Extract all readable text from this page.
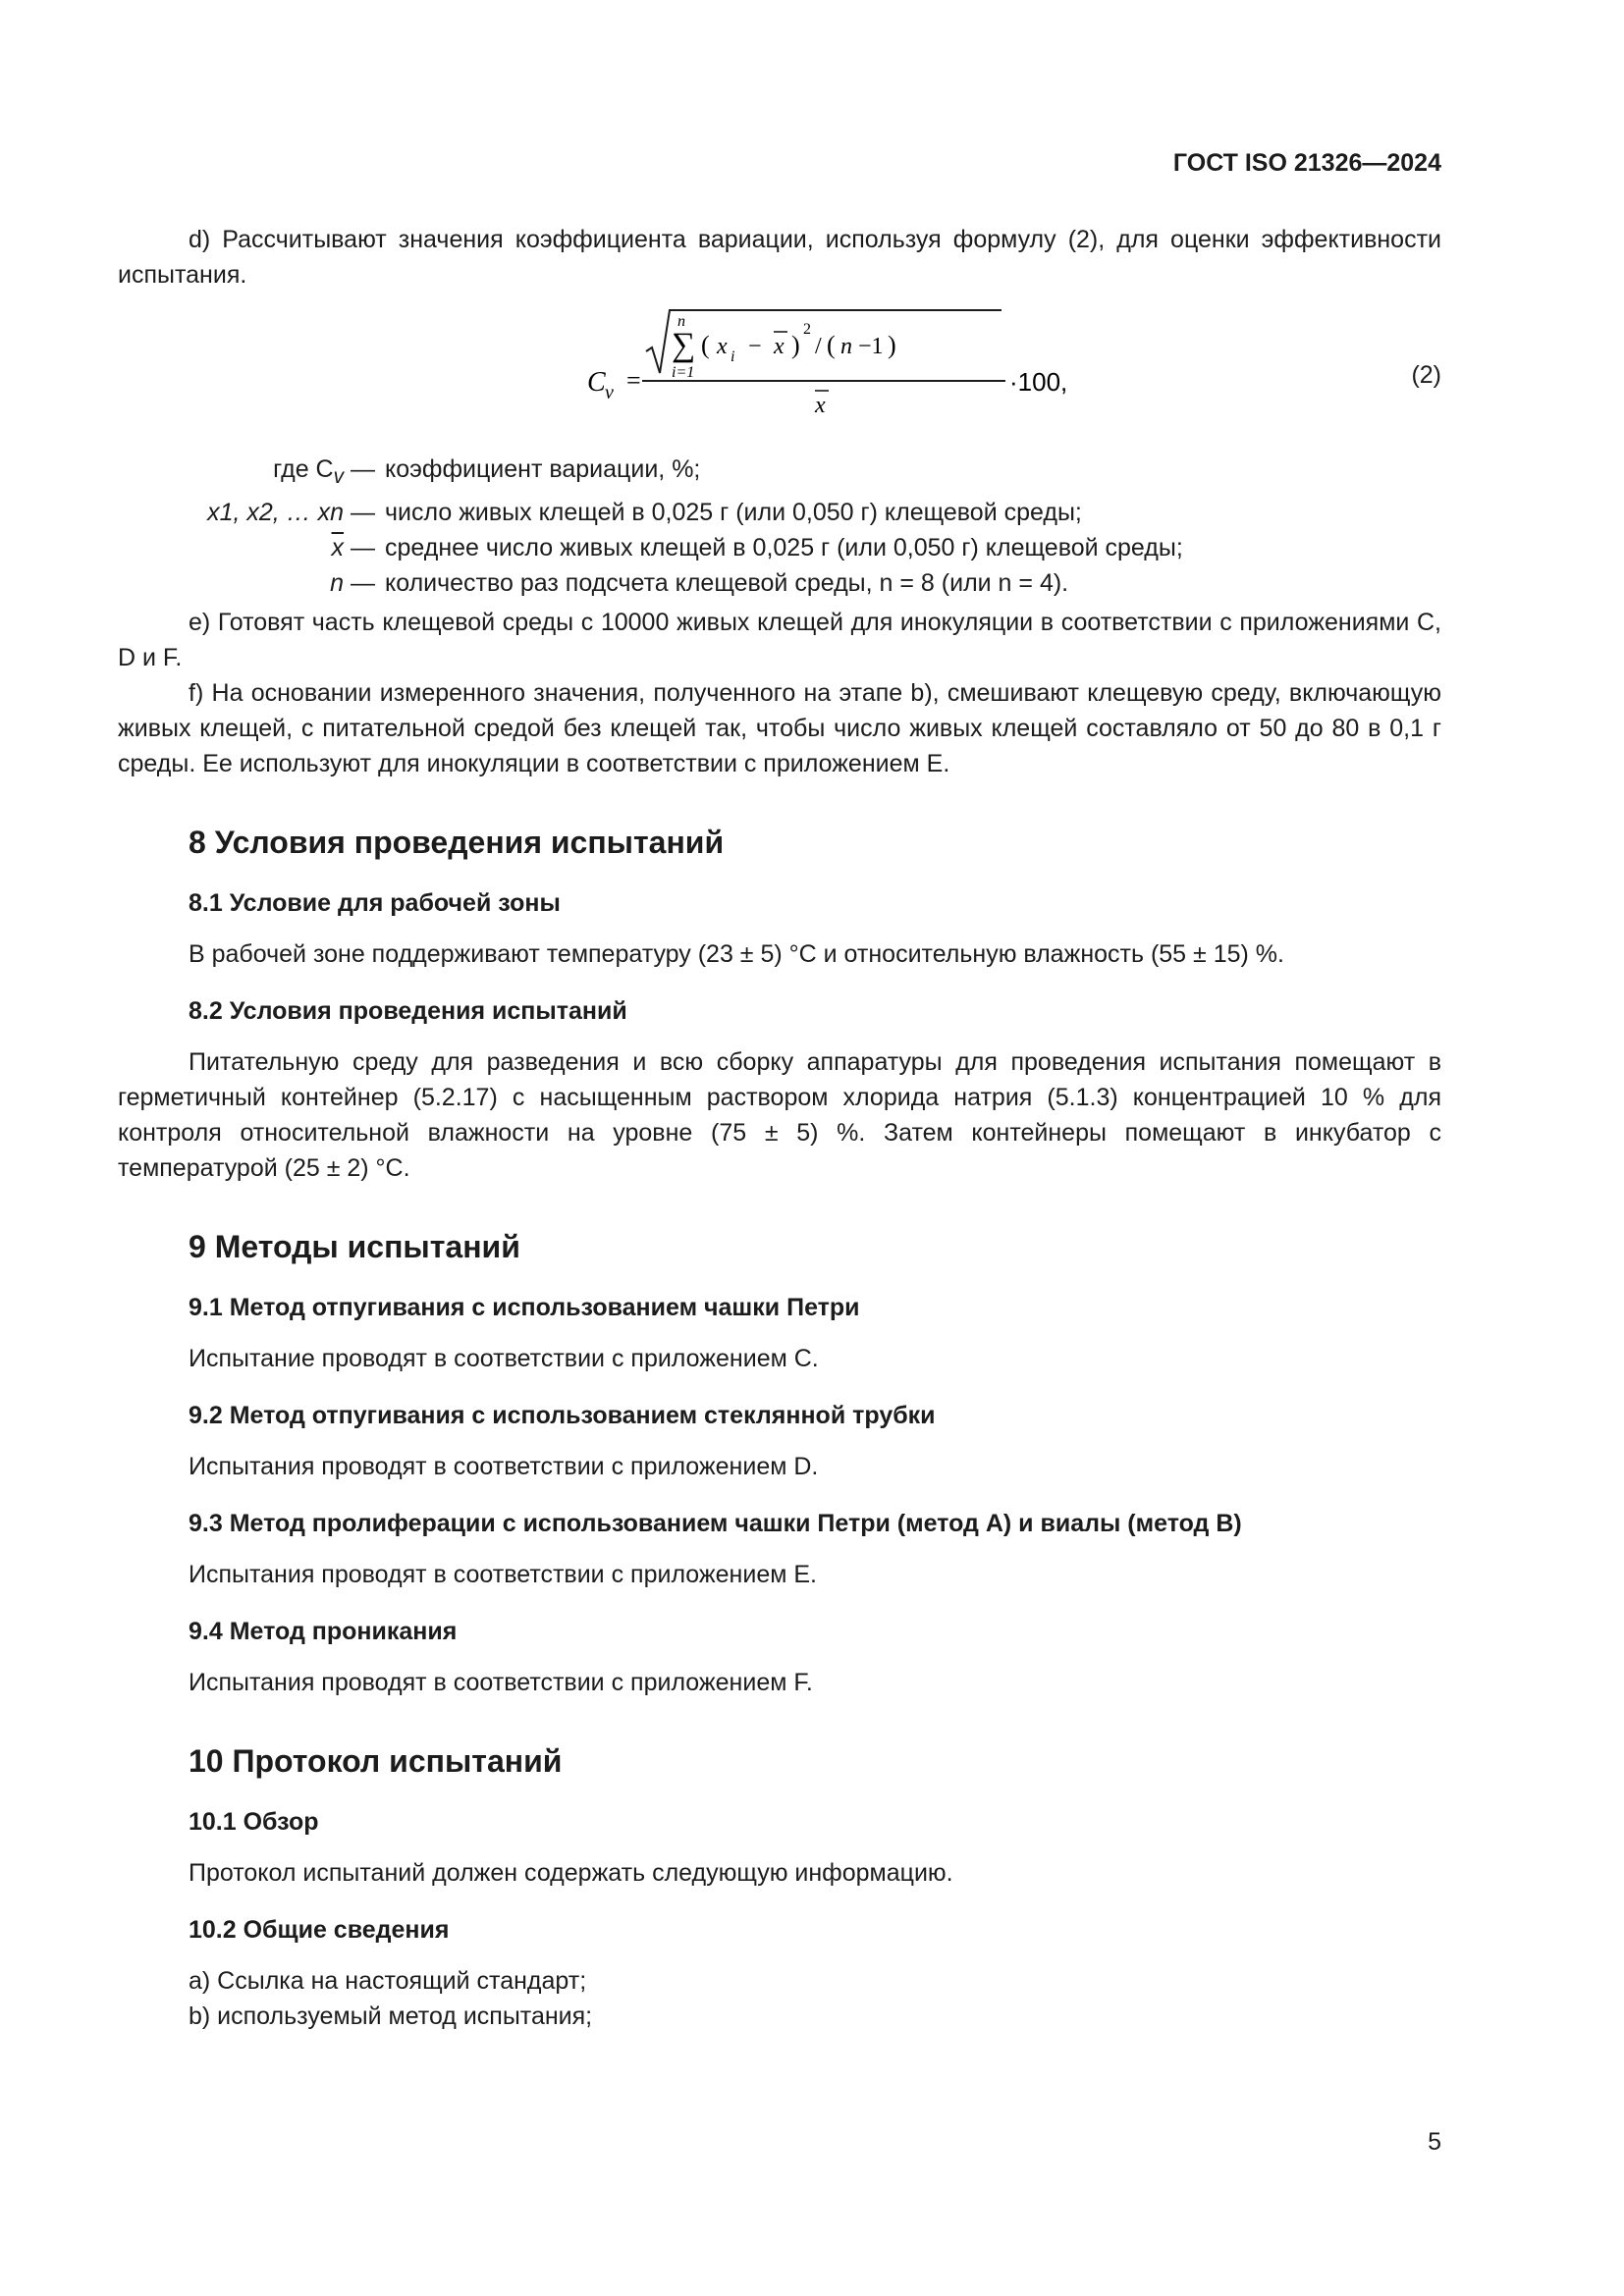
ГОСТ ISO 21326—2024

d) Рассчитывают значения коэффициента вариации, используя формулу (2), для оценки эффективности испытания.

C v =
n
∑
i=1
( x i − x )
2
/ ( n −1 )
x
·100,	(2)
где $C_v$ — коэффициент вариации, %;
x1, x2, … xn — число живых клещей в 0,025 г (или 0,050 г) клещевой среды;
$\overline{x}$ — среднее число живых клещей в 0,025 г (или 0,050 г) клещевой среды;
n — количество раз подсчета клещевой среды, n = 8 (или n = 4).

e) Готовят часть клещевой среды с 10000 живых клещей для инокуляции в соответствии с приложениями C, D и F.

f) На основании измеренного значения, полученного на этапе b), смешивают клещевую среду, включающую живых клещей, с питательной средой без клещей так, чтобы число живых клещей составляло от 50 до 80 в 0,1 г среды. Ее используют для инокуляции в соответствии с приложением E.

8 Условия проведения испытаний
8.1 Условие для рабочей зоны

В рабочей зоне поддерживают температуру (23 ± 5) °С и относительную влажность (55 ± 15) %.

8.2 Условия проведения испытаний

Питательную среду для разведения и всю сборку аппаратуры для проведения испытания помещают в герметичный контейнер (5.2.17) с насыщенным раствором хлорида натрия (5.1.3) концентрацией 10 % для контроля относительной влажности на уровне (75 ± 5) %. Затем контейнеры помещают в инкубатор с температурой (25 ± 2) °С.

9 Методы испытаний
9.1 Метод отпугивания с использованием чашки Петри

Испытание проводят в соответствии с приложением С.

9.2 Метод отпугивания с использованием стеклянной трубки

Испытания проводят в соответствии с приложением D.

9.3 Метод пролиферации с использованием чашки Петри (метод А) и виалы (метод В)

Испытания проводят в соответствии с приложением E.

9.4 Метод проникания

Испытания проводят в соответствии с приложением F.

10 Протокол испытаний
10.1 Обзор

Протокол испытаний должен содержать следующую информацию.

10.2 Общие сведения

а) Ссылка на настоящий стандарт;

b) используемый метод испытания;

5
